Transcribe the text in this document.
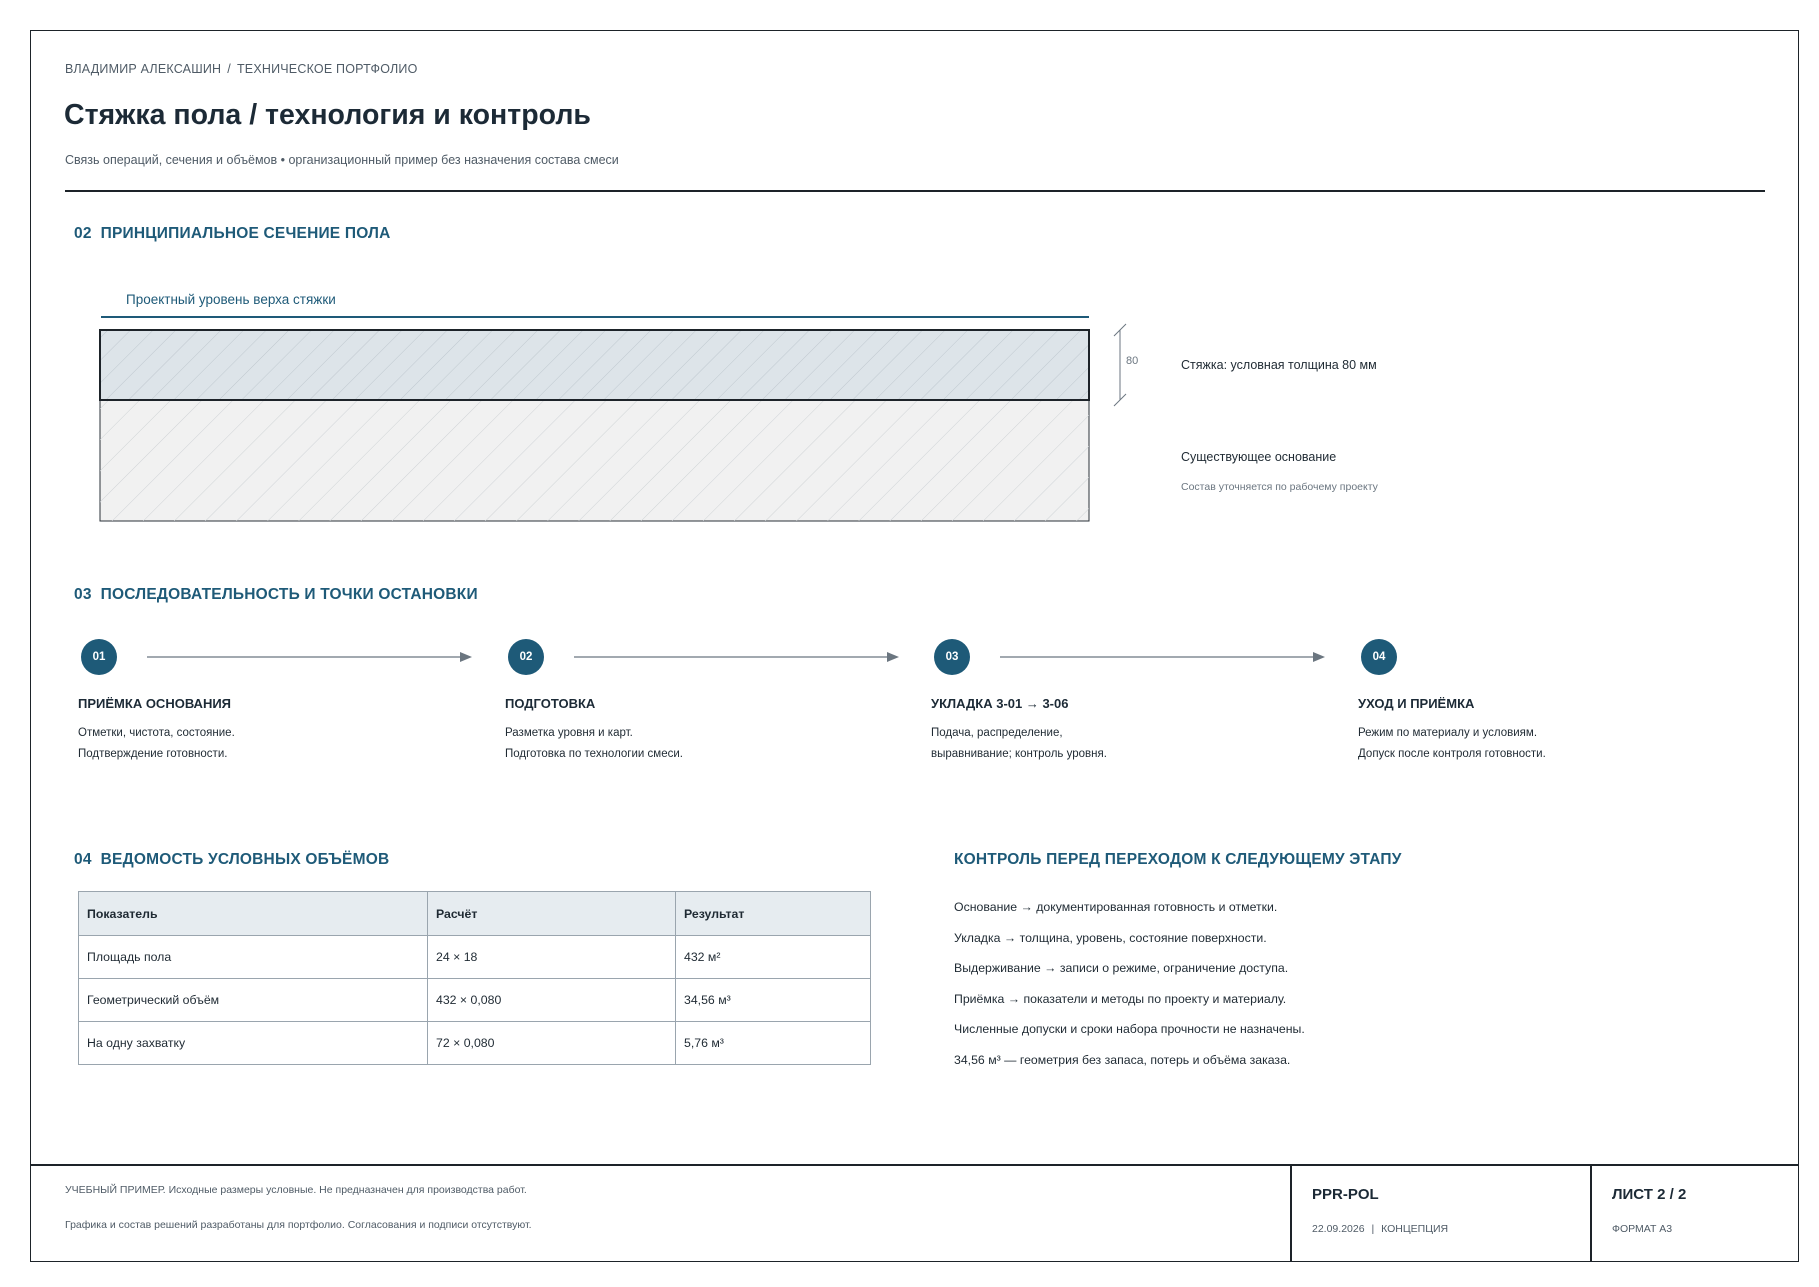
ВЛАДИМИР АЛЕКСАШИН / ТЕХНИЧЕСКОЕ ПОРТФОЛИО
Стяжка пола / технология и контроль
Связь операций, сечения и объёмов • организационный пример без назначения состава смеси
02 ПРИНЦИПИАЛЬНОЕ СЕЧЕНИЕ ПОЛА
Проектный уровень верха стяжки
80	Стяжка: условная толщина 80 мм
Существующее основание
Состав уточняется по рабочему проекту
03 ПОСЛЕДОВАТЕЛЬНОСТЬ И ТОЧКИ ОСТАНОВКИ
01	02	03	04
ПРИЁМКА ОСНОВАНИЯ
Отметки, чистота, состояние.
Подтверждение готовности.
ПОДГОТОВКА
Разметка уровня и карт.
Подготовка по технологии смеси.
УКЛАДКА 3-01 → 3-06
Подача, распределение,
выравнивание; контроль уровня.
УХОД И ПРИЁМКА
Режим по материалу и условиям.
Допуск после контроля готовности.
04 ВЕДОМОСТЬ УСЛОВНЫХ ОБЪЁМОВ
Показатель	Расчёт	Результат
Площадь пола	24 × 18	432 м²
Геометрический объём	432 × 0,080	34,56 м³
На одну захватку	72 × 0,080	5,76 м³
КОНТРОЛЬ ПЕРЕД ПЕРЕХОДОМ К СЛЕДУЮЩЕМУ ЭТАПУ
Основание → документированная готовность и отметки.
Укладка → толщина, уровень, состояние поверхности.
Выдерживание → записи о режиме, ограничение доступа.
Приёмка → показатели и методы по проекту и материалу.
Численные допуски и сроки набора прочности не назначены.
34,56 м³ — геометрия без запаса, потерь и объёма заказа.
УЧЕБНЫЙ ПРИМЕР. Исходные размеры условные. Не предназначен для производства работ.
Графика и состав решений разработаны для портфолио. Согласования и подписи отсутствуют.
PPR-POL
22.09.2026 | КОНЦЕПЦИЯ
ЛИСТ 2 / 2
ФОРМАТ А3
